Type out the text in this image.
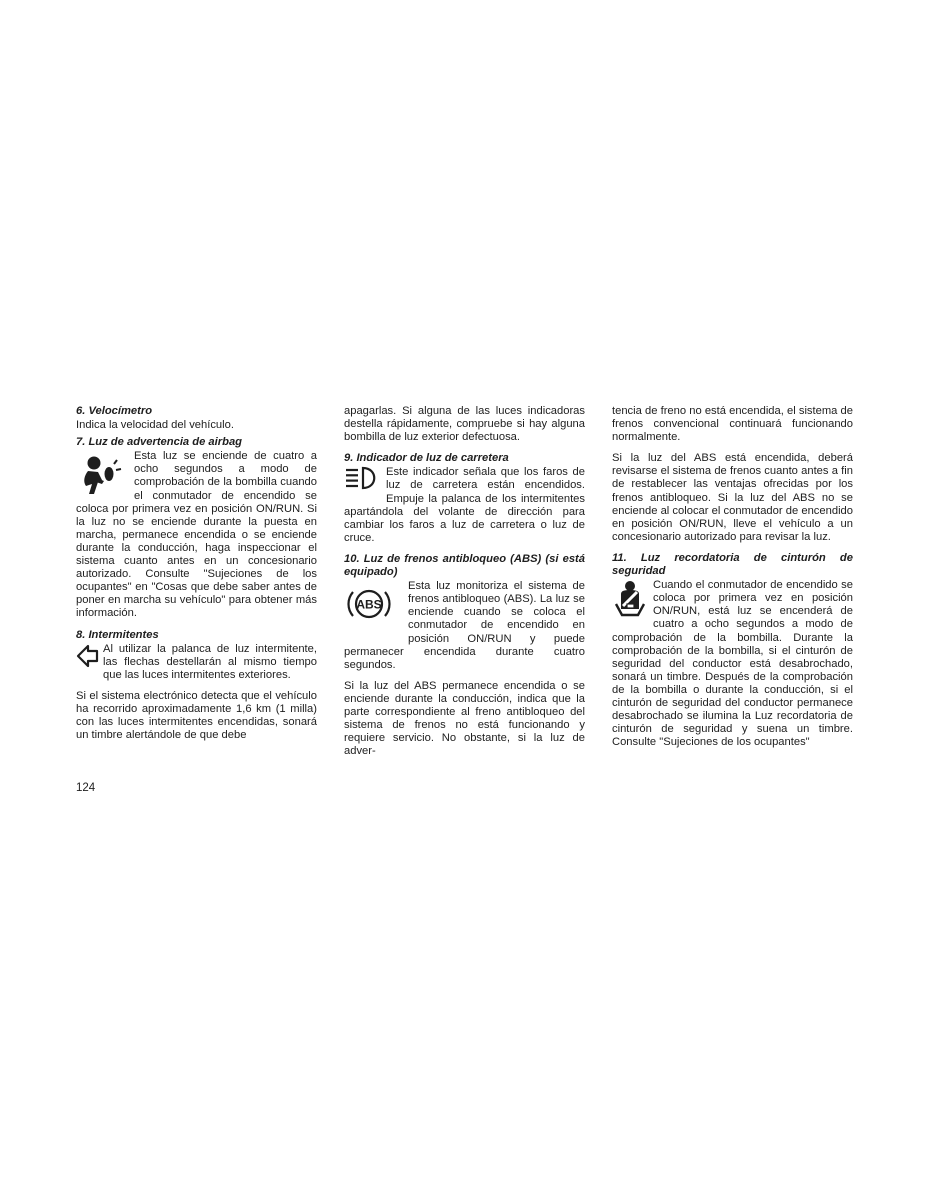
6. Velocímetro

Indica la velocidad del vehículo.

7. Luz de advertencia de airbag

Esta luz se enciende de cuatro a ocho segundos a modo de comprobación de la bombilla cuando el conmutador de encendido se coloca por primera vez en posición ON/RUN. Si la luz no se enciende durante la puesta en marcha, permanece encendida o se enciende durante la conducción, haga inspeccionar el sistema cuanto antes en un concesionario autorizado. Consulte "Sujeciones de los ocupantes" en "Cosas que debe saber antes de poner en marcha su vehículo" para obtener más información.

8. Intermitentes

Al utilizar la palanca de luz intermitente, las flechas destellarán al mismo tiempo que las luces intermitentes exteriores.

Si el sistema electrónico detecta que el vehículo ha recorrido aproximadamente 1,6 km (1 milla) con las luces intermitentes encendidas, sonará un timbre alertándole de que debe

apagarlas. Si alguna de las luces indicadoras destella rápidamente, compruebe si hay alguna bombilla de luz exterior defectuosa.

9. Indicador de luz de carretera

Este indicador señala que los faros de luz de carretera están encendidos. Empuje la palanca de los intermitentes apartándola del volante de dirección para cambiar los faros a luz de carretera o luz de cruce.

10. Luz de frenos antibloqueo (ABS) (si está equipado)
ABS

Esta luz monitoriza el sistema de frenos antibloqueo (ABS). La luz se enciende cuando se coloca el conmutador de encendido en posición ON/RUN y puede permanecer encendida durante cuatro segundos.

Si la luz del ABS permanece encendida o se enciende durante la conducción, indica que la parte correspondiente al freno antibloqueo del sistema de frenos no está funcionando y requiere servicio. No obstante, si la luz de adver-

tencia de freno no está encendida, el sistema de frenos convencional continuará funcionando normalmente.

Si la luz del ABS está encendida, deberá revisarse el sistema de frenos cuanto antes a fin de restablecer las ventajas ofrecidas por los frenos antibloqueo. Si la luz del ABS no se enciende al colocar el conmutador de encendido en posición ON/RUN, lleve el vehículo a un concesionario autorizado para revisar la luz.

11. Luz recordatoria de cinturón de seguridad

Cuando el conmutador de encendido se coloca por primera vez en posición ON/RUN, está luz se encenderá de cuatro a ocho segundos a modo de comprobación de la bombilla. Durante la comprobación de la bombilla, si el cinturón de seguridad del conductor está desabrochado, sonará un timbre. Después de la comprobación de la bombilla o durante la conducción, si el cinturón de seguridad del conductor permanece desabrochado se ilumina la Luz recordatoria de cinturón de seguridad y suena un timbre. Consulte "Sujeciones de los ocupantes"

124
